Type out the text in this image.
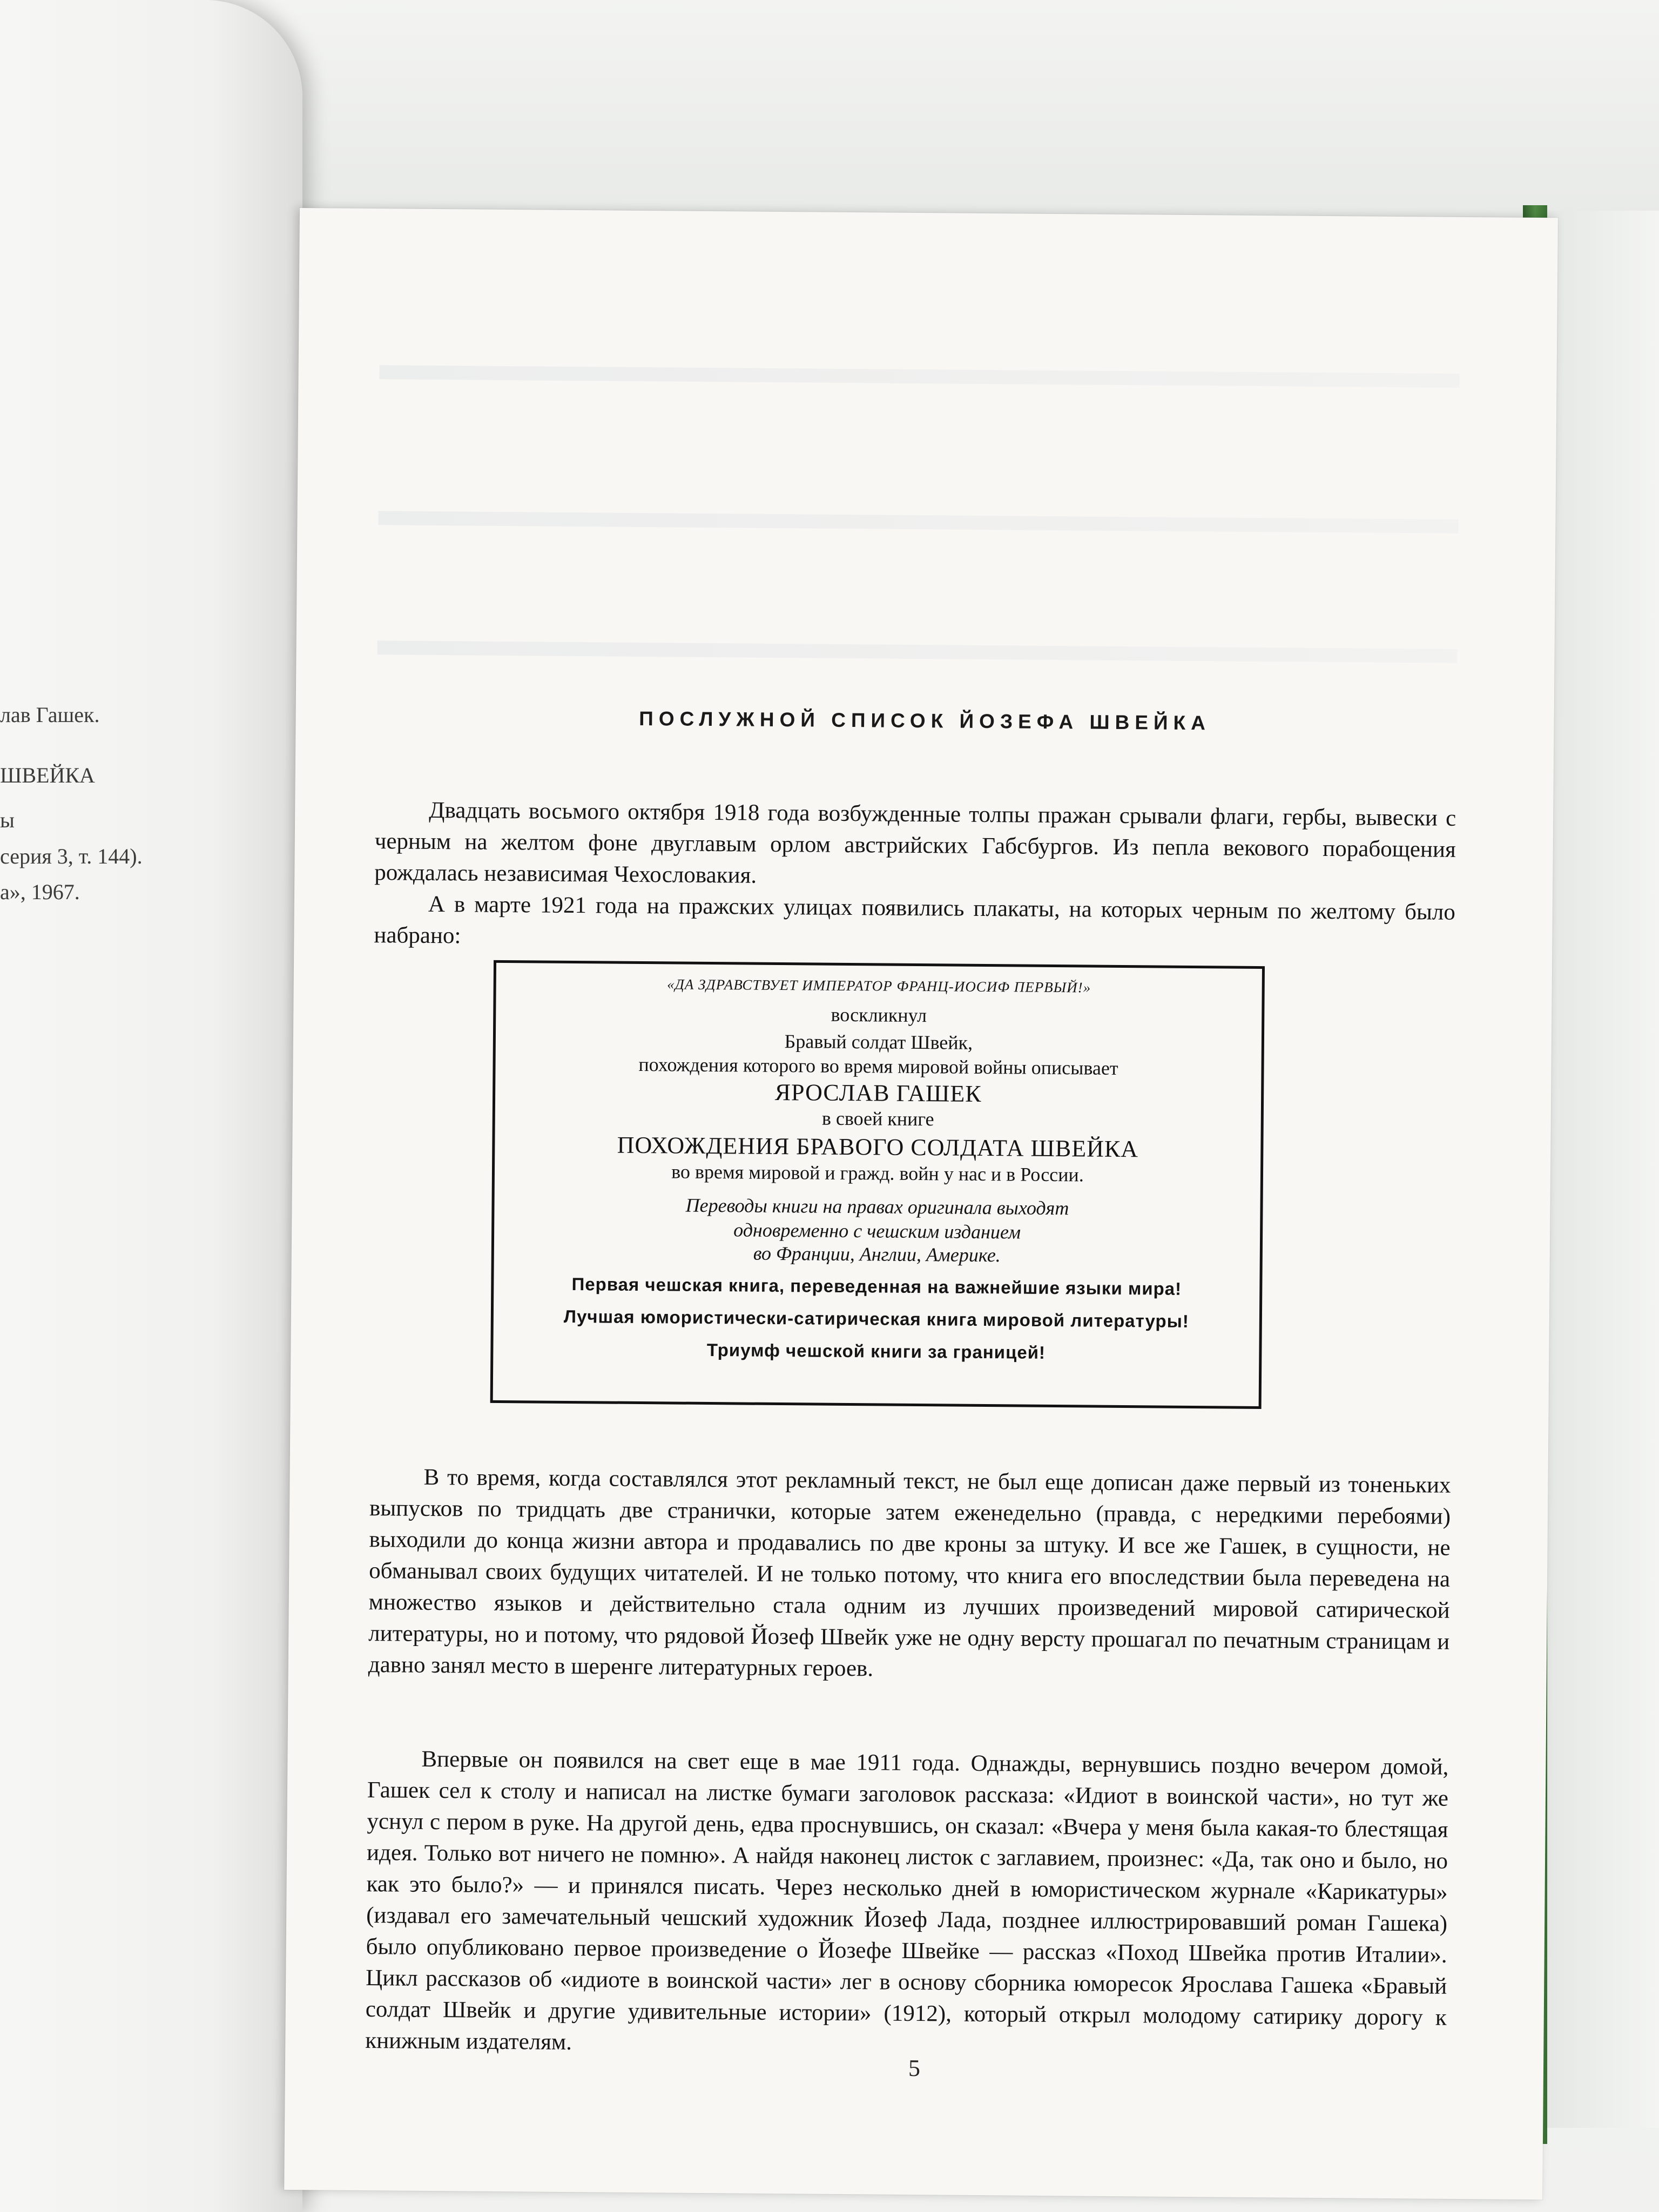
лав Гашек.
ШВЕЙКА
ы
серия 3, т. 144).
а», 1967.
ПОСЛУЖНОЙ СПИСОК ЙОЗЕФА ШВЕЙКА

Двадцать восьмого октября 1918 года возбужденные толпы пражан срывали флаги, гербы, вывески с черным на желтом фоне двуглавым орлом австрийских Габсбургов. Из пепла векового порабощения рождалась независимая Чехословакия.

А в марте 1921 года на пражских улицах появились плакаты, на которых черным по желтому было набрано:

«ДА ЗДРАВСТВУЕТ ИМПЕРАТОР ФРАНЦ-ИОСИФ ПЕРВЫЙ!»
воскликнул
Бравый солдат Швейк,
похождения которого во время мировой войны описывает
ЯРОСЛАВ ГАШЕК
в своей книге
ПОХОЖДЕНИЯ БРАВОГО СОЛДАТА ШВЕЙКА
во время мировой и гражд. войн у нас и в России.
Переводы книги на правах оригинала выходят
одновременно с чешским изданием
во Франции, Англии, Америке.
Первая чешская книга, переведенная на важнейшие языки мира!
Лучшая юмористически-сатирическая книга мировой литературы!
Триумф чешской книги за границей!

В то время, когда составлялся этот рекламный текст, не был еще дописан даже первый из тоненьких выпусков по тридцать две странички, которые затем еженедельно (правда, с нередкими перебоями) выходили до конца жизни автора и продавались по две кроны за штуку. И все же Гашек, в сущности, не обманывал своих будущих читателей. И не только потому, что книга его впоследствии была переведена на множество языков и действительно стала одним из лучших произведений мировой сатирической литературы, но и потому, что рядовой Йозеф Швейк уже не одну версту прошагал по печатным страницам и давно занял место в шеренге литературных героев.

Впервые он появился на свет еще в мае 1911 года. Однажды, вернувшись поздно вечером домой, Гашек сел к столу и написал на листке бумаги заголовок рассказа: «Идиот в воинской части», но тут же уснул с пером в руке. На другой день, едва проснувшись, он сказал: «Вчера у меня была какая-то блестящая идея. Только вот ничего не помню». А найдя наконец листок с заглавием, произнес: «Да, так оно и было, но как это было?» — и принялся писать. Через несколько дней в юмористическом журнале «Карикатуры» (издавал его замечательный чешский художник Йозеф Лада, позднее иллюстрировавший роман Гашека) было опубликовано первое произведение о Йозефе Швейке — рассказ «Поход Швейка против Италии». Цикл рассказов об «идиоте в воинской части» лег в основу сборника юморесок Ярослава Гашека «Бравый солдат Швейк и другие удивительные истории» (1912), который открыл молодому сатирику дорогу к книжным издателям.

5
